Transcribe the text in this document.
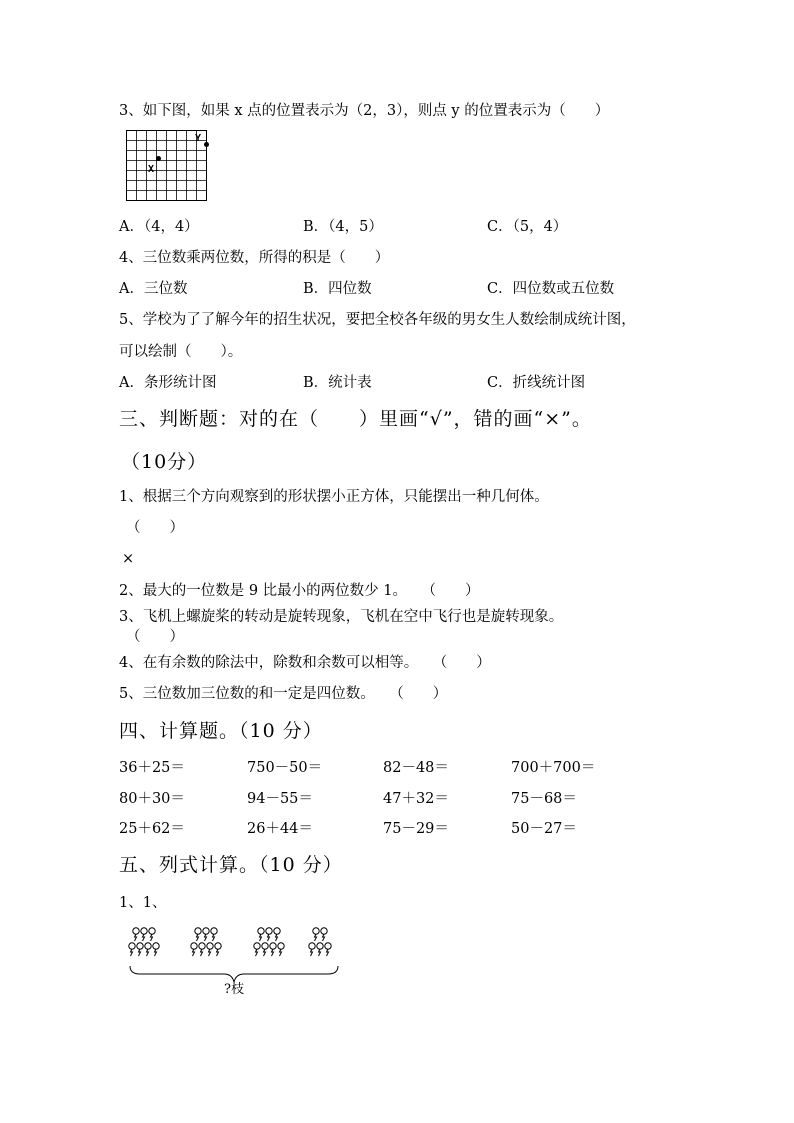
3、如下图，如果 x 点的位置表示为（2，3），则点 y 的位置表示为（　　）
X
Y
A．（4，4）	B．（4，5）	C．（5，4）
4、三位数乘两位数，所得的积是（　　）
A．三位数	B．四位数	C．四位数或五位数
5、学校为了了解今年的招生状况，要把全校各年级的男女生人数绘制成统计图，
可以绘制（　　）。
A．条形统计图	B．统计表	C．折线统计图
三、判断题：对的在（　　）里画“√”，错的画“×”。
（10分）
1、根据三个方向观察到的形状摆小正方体，只能摆出一种几何体。
（　　）
×
2、最大的一位数是 9 比最小的两位数少 1。　　（　　）
3、飞机上螺旋桨的转动是旋转现象，飞机在空中飞行也是旋转现象。
（　　）
4、在有余数的除法中，除数和余数可以相等。　　（　　）
5、三位数加三位数的和一定是四位数。　　（　　）
四、计算题。（10 分）
36＋25＝	750－50＝	82－48＝	700＋700＝
80＋30＝	94－55＝	47＋32＝	75－68＝
25＋62＝	26＋44＝	75－29＝	50－27＝
五、列式计算。（10 分）
1、1、
?枝
